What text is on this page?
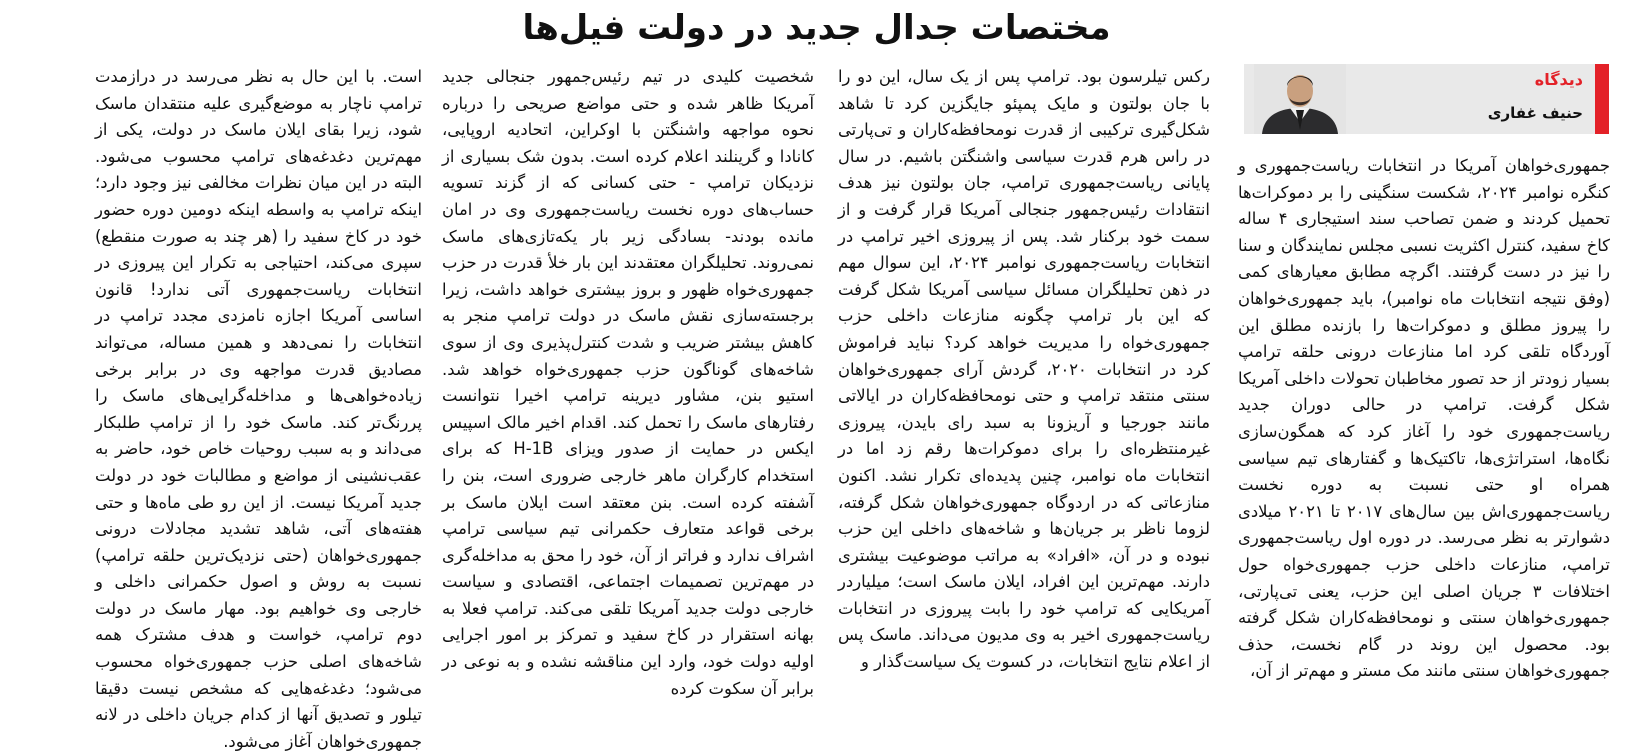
مختصات جدال جدید در دولت فیل‌ها
دیدگاه
حنیف غفاری

جمهوری‌خواهان آمریکا در انتخابات ریاست‌جمهوری و کنگره نوامبر ۲۰۲۴، شکست سنگینی را بر دموکرات‌ها تحمیل کردند و ضمن تصاحب سند استیجاری ۴ ساله کاخ سفید، کنترل اکثریت نسبی مجلس نمایندگان و سنا را نیز در دست گرفتند. اگرچه مطابق معیارهای کمی (وفق نتیجه انتخابات ماه نوامبر)، باید جمهوری‌خواهان را پیروز مطلق و دموکرات‌ها را بازنده مطلق این آوردگاه تلقی کرد اما منازعات درونی حلقه ترامپ بسیار زودتر از حد تصور مخاطبان تحولات داخلی آمریکا شکل گرفت. ترامپ در حالی دوران جدید ریاست‌جمهوری خود را آغاز کرد که همگون‌سازی نگاه‌ها، استراتژی‌ها، تاکتیک‌ها و گفتارهای تیم سیاسی همراه او حتی نسبت به دوره نخست ریاست‌جمهوری‌اش بین سال‌های ۲۰۱۷ تا ۲۰۲۱ میلادی دشوارتر به نظر می‌رسد. در دوره اول ریاست‌جمهوری ترامپ، منازعات داخلی حزب جمهوری‌خواه حول اختلافات ۳ جریان اصلی این حزب، یعنی تی‌پارتی، جمهوری‌خواهان سنتی و نومحافظه‌کاران شکل گرفته بود. محصول این روند در گام نخست، حذف جمهوری‌خواهان سنتی مانند مک مستر و مهم‌تر از آن،

رکس تیلرسون بود. ترامپ پس از یک سال، این دو را با جان بولتون و مایک پمپئو جایگزین کرد تا شاهد شکل‌گیری ترکیبی از قدرت نومحافظه‌کاران و تی‌پارتی در راس هرم قدرت سیاسی واشنگتن باشیم. در سال پایانی ریاست‌جمهوری ترامپ، جان بولتون نیز هدف انتقادات رئیس‌جمهور جنجالی آمریکا قرار گرفت و از سمت خود برکنار شد. پس از پیروزی اخیر ترامپ در انتخابات ریاست‌جمهوری نوامبر ۲۰۲۴، این سوال مهم در ذهن تحلیلگران مسائل سیاسی آمریکا شکل گرفت که این بار ترامپ چگونه منازعات داخلی حزب جمهوری‌خواه را مدیریت خواهد کرد؟ نباید فراموش کرد در انتخابات ۲۰۲۰، گردش آرای جمهوری‌خواهان سنتی منتقد ترامپ و حتی نومحافظه‌کاران در ایالاتی مانند جورجیا و آریزونا به سبد رای بایدن، پیروزی غیرمنتظره‌ای را برای دموکرات‌ها رقم زد اما در انتخابات ماه نوامبر، چنین پدیده‌ای تکرار نشد. اکنون منازعاتی که در اردوگاه جمهوری‌خواهان شکل گرفته، لزوما ناظر بر جریان‌ها و شاخه‌های داخلی این حزب نبوده و در آن، «افراد» به مراتب موضوعیت بیشتری دارند. مهم‌ترین این افراد، ایلان ماسک است؛ میلیاردر آمریکایی که ترامپ خود را بابت پیروزی در انتخابات ریاست‌جمهوری اخیر به وی مدیون می‌داند. ماسک پس از اعلام نتایج انتخابات، در کسوت یک سیاست‌گذار و

شخصیت کلیدی در تیم رئیس‌جمهور جنجالی جدید آمریکا ظاهر شده و حتی مواضع صریحی را درباره نحوه مواجهه واشنگتن با اوکراین، اتحادیه اروپایی، کانادا و گرینلند اعلام کرده است. بدون شک بسیاری از نزدیکان ترامپ - حتی کسانی که از گزند تسویه حساب‌های دوره نخست ریاست‌جمهوری وی در امان مانده بودند- بسادگی زیر بار یکه‌تازی‌های ماسک نمی‌روند. تحلیلگران معتقدند این بار خلأ قدرت در حزب جمهوری‌خواه ظهور و بروز بیشتری خواهد داشت، زیرا برجسته‌سازی نقش ماسک در دولت ترامپ منجر به کاهش بیشتر ضریب و شدت کنترل‌پذیری وی از سوی شاخه‌های گوناگون حزب جمهوری‌خواه خواهد شد. استیو بنن، مشاور دیرینه ترامپ اخیرا نتوانست رفتارهای ماسک را تحمل کند. اقدام اخیر مالک اسپیس ایکس در حمایت از صدور ویزای H-1B که برای استخدام کارگران ماهر خارجی ضروری است، بنن را آشفته کرده است. بنن معتقد است ایلان ماسک بر برخی قواعد متعارف حکمرانی تیم سیاسی ترامپ اشراف ندارد و فراتر از آن، خود را محق به مداخله‌گری در مهم‌ترین تصمیمات اجتماعی، اقتصادی و سیاست خارجی دولت جدید آمریکا تلقی می‌کند. ترامپ فعلا به بهانه استقرار در کاخ سفید و تمرکز بر امور اجرایی اولیه دولت خود، وارد این مناقشه نشده و به نوعی در برابر آن سکوت کرده

است. با این حال به نظر می‌رسد در درازمدت ترامپ ناچار به موضع‌گیری علیه منتقدان ماسک شود، زیرا بقای ایلان ماسک در دولت، یکی از مهم‌ترین دغدغه‌های ترامپ محسوب می‌شود. البته در این میان نظرات مخالفی نیز وجود دارد؛ اینکه ترامپ به واسطه اینکه دومین دوره حضور خود در کاخ سفید را (هر چند به صورت منقطع) سپری می‌کند، احتیاجی به تکرار این پیروزی در انتخابات ریاست‌جمهوری آتی ندارد! قانون اساسی آمریکا اجازه نامزدی مجدد ترامپ در انتخابات را نمی‌دهد و همین مساله، می‌تواند مصادیق قدرت مواجهه وی در برابر برخی زیاده‌خواهی‌ها و مداخله‌گرایی‌های ماسک را پررنگ‌تر کند. ماسک خود را از ترامپ طلبکار می‌داند و به سبب روحیات خاص خود، حاضر به عقب‌نشینی از مواضع و مطالبات خود در دولت جدید آمریکا نیست. از این رو طی ماه‌ها و حتی هفته‌های آتی، شاهد تشدید مجادلات درونی جمهوری‌خواهان (حتی نزدیک‌ترین حلقه ترامپ) نسبت به روش و اصول حکمرانی داخلی و خارجی وی خواهیم بود. مهار ماسک در دولت دوم ترامپ، خواست و هدف مشترک همه شاخه‌های اصلی حزب جمهوری‌خواه محسوب می‌شود؛ دغدغه‌هایی که مشخص نیست دقیقا تیلور و تصدیق آنها از کدام جریان داخلی در لانه جمهوری‌خواهان آغاز می‌شود.
